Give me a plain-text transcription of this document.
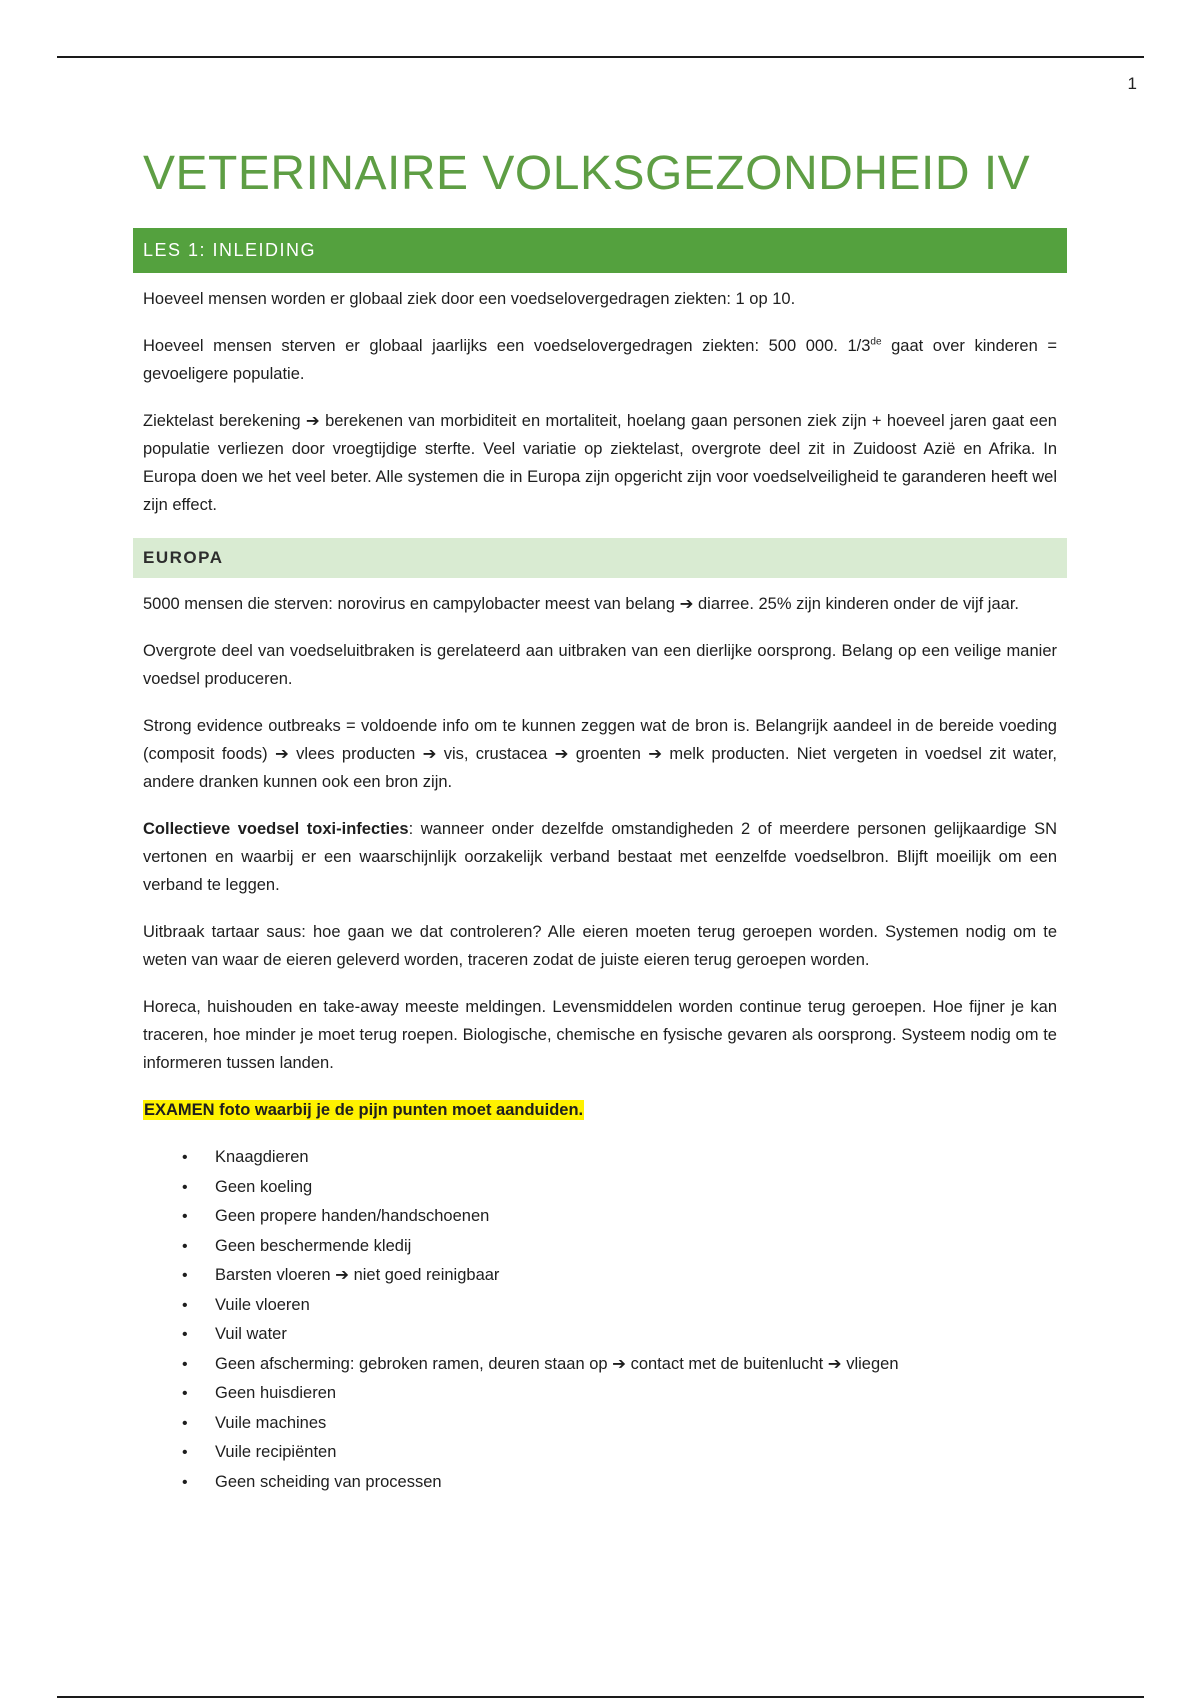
1
VETERINAIRE VOLKSGEZONDHEID IV
LES 1: INLEIDING

Hoeveel mensen worden er globaal ziek door een voedselovergedragen ziekten: 1 op 10.

Hoeveel mensen sterven er globaal jaarlijks een voedselovergedragen ziekten: 500 000. 1/3de gaat over kinderen = gevoeligere populatie.

Ziektelast berekening ➔ berekenen van morbiditeit en mortaliteit, hoelang gaan personen ziek zijn + hoeveel jaren gaat een populatie verliezen door vroegtijdige sterfte. Veel variatie op ziektelast, overgrote deel zit in Zuidoost Azië en Afrika. In Europa doen we het veel beter. Alle systemen die in Europa zijn opgericht zijn voor voedselveiligheid te garanderen heeft wel zijn effect.

EUROPA

5000 mensen die sterven: norovirus en campylobacter meest van belang ➔ diarree. 25% zijn kinderen onder de vijf jaar.

Overgrote deel van voedseluitbraken is gerelateerd aan uitbraken van een dierlijke oorsprong. Belang op een veilige manier voedsel produceren.

Strong evidence outbreaks = voldoende info om te kunnen zeggen wat de bron is. Belangrijk aandeel in de bereide voeding (composit foods) ➔ vlees producten ➔ vis, crustacea ➔ groenten ➔ melk producten. Niet vergeten in voedsel zit water, andere dranken kunnen ook een bron zijn.

Collectieve voedsel toxi-infecties: wanneer onder dezelfde omstandigheden 2 of meerdere personen gelijkaardige SN vertonen en waarbij er een waarschijnlijk oorzakelijk verband bestaat met eenzelfde voedselbron. Blijft moeilijk om een verband te leggen.

Uitbraak tartaar saus: hoe gaan we dat controleren? Alle eieren moeten terug geroepen worden. Systemen nodig om te weten van waar de eieren geleverd worden, traceren zodat de juiste eieren terug geroepen worden.

Horeca, huishouden en take-away meeste meldingen. Levensmiddelen worden continue terug geroepen. Hoe fijner je kan traceren, hoe minder je moet terug roepen. Biologische, chemische en fysische gevaren als oorsprong. Systeem nodig om te informeren tussen landen.

EXAMEN foto waarbij je de pijn punten moet aanduiden.

• Knaagdieren
• Geen koeling
• Geen propere handen/handschoenen
• Geen beschermende kledij
• Barsten vloeren ➔ niet goed reinigbaar
• Vuile vloeren
• Vuil water
• Geen afscherming: gebroken ramen, deuren staan op ➔ contact met de buitenlucht ➔ vliegen
• Geen huisdieren
• Vuile machines
• Vuile recipiënten
• Geen scheiding van processen
